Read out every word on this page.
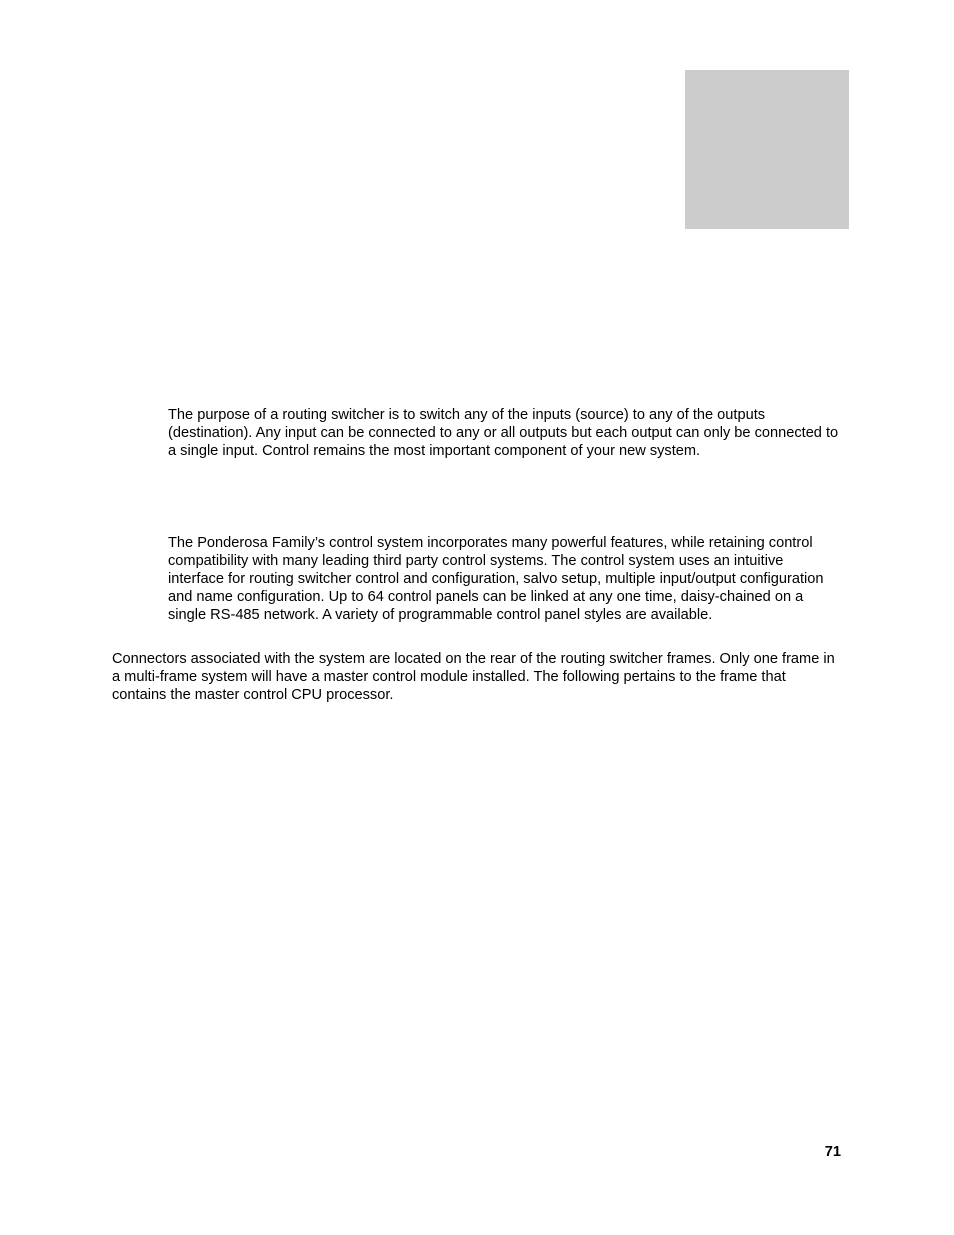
The purpose of a routing switcher is to switch any of the inputs (source) to any of the outputs (destination). Any input can be connected to any or all outputs but each output can only be connected to a single input. Control remains the most important component of your new system.

The Ponderosa Family’s control system incorporates many powerful features, while retaining control compatibility with many leading third party control systems. The control system uses an intuitive interface for routing switcher control and configuration, salvo setup, multiple input/output configuration and name configuration. Up to 64 control panels can be linked at any one time, daisy-chained on a single RS-485 network. A variety of programmable control panel styles are available.

Connectors associated with the system are located on the rear of the routing switcher frames. Only one frame in a multi-frame system will have a master control module installed. The following pertains to the frame that contains the master control CPU processor.

71
